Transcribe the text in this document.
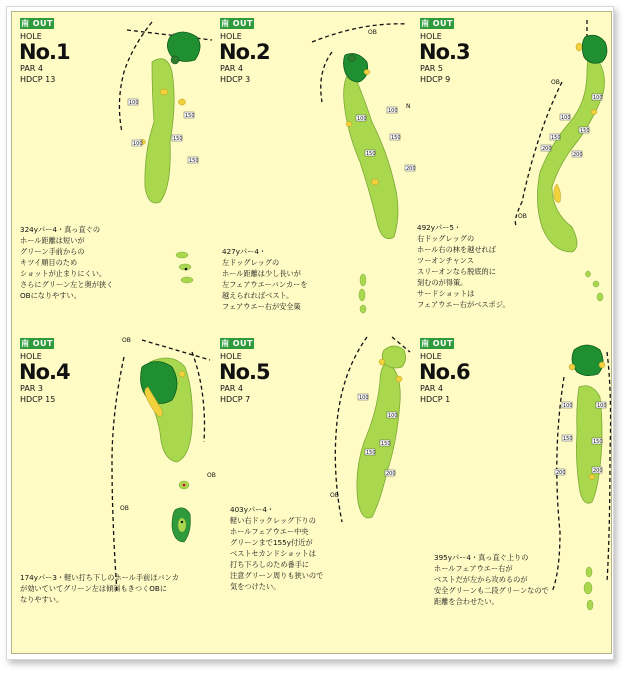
南 OUT
HOLE
No.1
PAR 4
HDCP 13
100
150
100
150
150
324yパー4・真っ直ぐの
ホール距離は短いが
グリーン手前からの
キツイ順目のため
ショットが止まりにくい。
さらにグリーン左と奥が狭く
OBになりやすい。
南 OUT
HOLE
No.2
PAR 4
HDCP 3
OB
N
100
100
150
150
200
427yパー4・
左ドッグレッグの
ホール距離は少し長いが
左フェアウエーバンカーを
越えられればベスト。
フェアウエー右が安全策
南 OUT
HOLE
No.3
PAR 5
HDCP 9	OB
OB
100
100
150
150
200
200
492yパー5・
右ドッグレッグの
ホール右の林を越せれば
ツーオンチャンス
スリーオンなら脱底的に
刻むのが得策。
サードショットは
フェアウエー右がベスポジ。
南 OUT
HOLE
No.4
PAR 3
HDCP 15
OB
OB
OB
174yパー3・軽い打ち下しのホール手前ほバンカ
が効いていてグリーン左は傾斜もきつくOBに
なりやすい。
南 OUT
HOLE
No.5
PAR 4
HDCP 7
OB
100
100
150
150
200
403yパー4・
軽い右ドックレッグ下りの
ホールフェアウエー中央
グリーンまで155y付近が
ベストセカンドショットは
打ち下ろしのため番手に
注意グリーン周りも狭いので
気をつけたい。
南 OUT
HOLE
No.6
PAR 4
HDCP 1
100	100
150	150
200	200
395yパー4・真っ直ぐ上りの
ホールフェアウエー右が
ベストだが左から攻めるのが
安全グリーンも二段グリーンなので
距離を合わせたい。
